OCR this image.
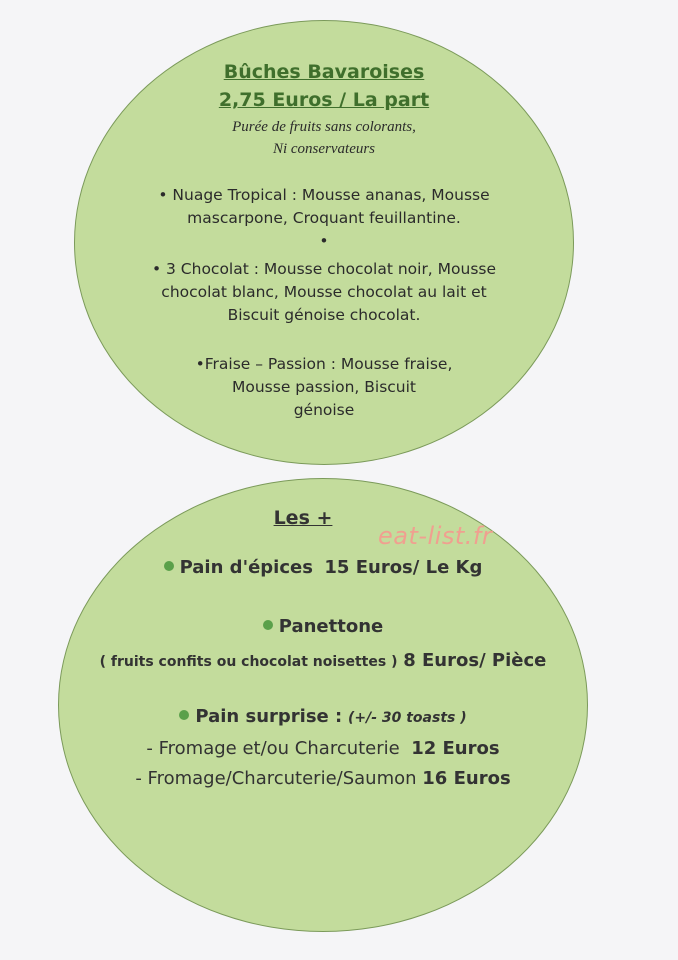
Bûches Bavaroises
2,75 Euros / La part
Purée de fruits sans colorants,
Ni conservateurs

• Nuage Tropical : Mousse ananas, Mousse

mascarpone, Croquant feuillantine.

•

• 3 Chocolat : Mousse chocolat noir, Mousse

chocolat blanc, Mousse chocolat au lait et

Biscuit génoise chocolat.

•Fraise – Passion : Mousse fraise,

Mousse passion, Biscuit

génoise

Les +
Pain d'épices 15 Euros/ Le Kg
Panettone
( fruits confits ou chocolat noisettes ) 8 Euros/ Pièce
Pain surprise : (+/- 30 toasts )
- Fromage et/ou Charcuterie 12 Euros
- Fromage/Charcuterie/Saumon 16 Euros
eat-list.fr
